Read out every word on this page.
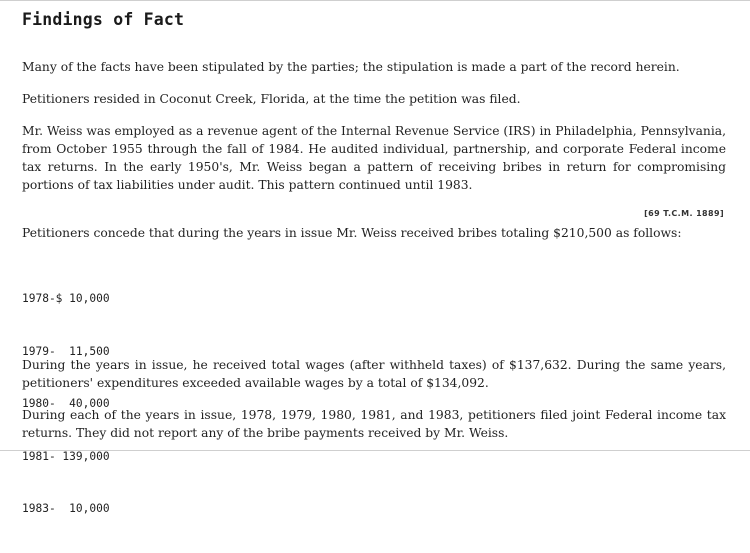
Findings of Fact

Many of the facts have been stipulated by the parties; the stipulation is made a part of the record herein.

Petitioners resided in Coconut Creek, Florida, at the time the petition was filed.

Mr. Weiss was employed as a revenue agent of the Internal Revenue Service (IRS) in Philadelphia, Pennsylvania, from October 1955 through the fall of 1984. He audited individual, partnership, and corporate Federal income tax returns. In the early 1950's, Mr. Weiss began a pattern of receiving bribes in return for compromising portions of tax liabilities under audit. This pattern continued until 1983.

[69 T.C.M. 1889]

Petitioners concede that during the years in issue Mr. Weiss received bribes totaling $210,500 as follows:

1978-$ 10,000

1979-  11,500

1980-  40,000

1981- 139,000

1983-  10,000

During the years in issue, he received total wages (after withheld taxes) of $137,632. During the same years, petitioners' expenditures exceeded available wages by a total of $134,092.

During each of the years in issue, 1978, 1979, 1980, 1981, and 1983, petitioners filed joint Federal income tax returns. They did not report any of the bribe payments received by Mr. Weiss.
